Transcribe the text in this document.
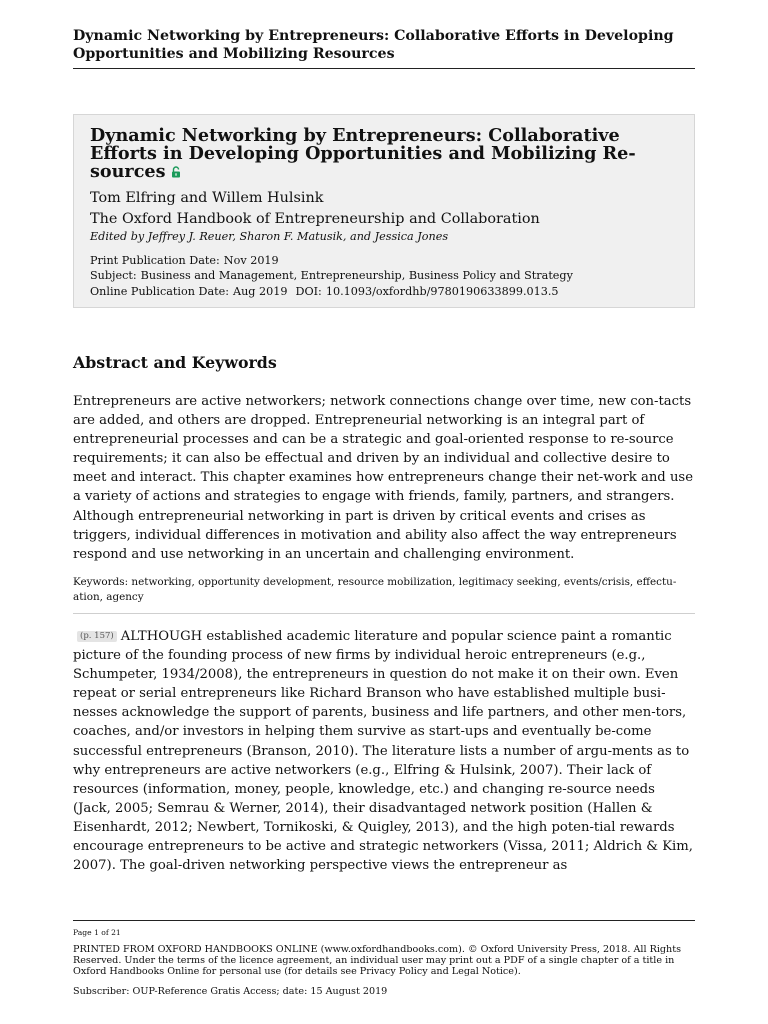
Dynamic Networking by Entrepreneurs: Collaborative Efforts in Developing Opportunities and Mobilizing Resources
Dynamic Networking by Entrepreneurs: Collaborative Efforts in Developing Opportunities and Mobilizing Re-sources
Tom Elfring and Willem Hulsink
The Oxford Handbook of Entrepreneurship and Collaboration
Edited by Jeffrey J. Reuer, Sharon F. Matusik, and Jessica Jones
Print Publication Date: Nov 2019
Subject: Business and Management, Entrepreneurship, Business Policy and Strategy
Online Publication Date: Aug 2019 DOI: 10.1093/oxfordhb/9780190633899.013.5
Abstract and Keywords

Entrepreneurs are active networkers; network connections change over time, new con-tacts are added, and others are dropped. Entrepreneurial networking is an integral part of entrepreneurial processes and can be a strategic and goal-oriented response to re-source requirements; it can also be effectual and driven by an individual and collective desire to meet and interact. This chapter examines how entrepreneurs change their net-work and use a variety of actions and strategies to engage with friends, family, partners, and strangers. Although entrepreneurial networking in part is driven by critical events and crises as triggers, individual differences in motivation and ability also affect the way entrepreneurs respond and use networking in an uncertain and challenging environment.

Keywords: networking, opportunity development, resource mobilization, legitimacy seeking, events/crisis, effectu-ation, agency

(p. 157) ALTHOUGH established academic literature and popular science paint a romantic picture of the founding process of new firms by individual heroic entrepreneurs (e.g., Schumpeter, 1934/2008), the entrepreneurs in question do not make it on their own. Even repeat or serial entrepreneurs like Richard Branson who have established multiple busi-nesses acknowledge the support of parents, business and life partners, and other men-tors, coaches, and/or investors in helping them survive as start-ups and eventually be-come successful entrepreneurs (Branson, 2010). The literature lists a number of argu-ments as to why entrepreneurs are active networkers (e.g., Elfring & Hulsink, 2007). Their lack of resources (information, money, people, knowledge, etc.) and changing re-source needs (Jack, 2005; Semrau & Werner, 2014), their disadvantaged network position (Hallen & Eisenhardt, 2012; Newbert, Tornikoski, & Quigley, 2013), and the high poten-tial rewards encourage entrepreneurs to be active and strategic networkers (Vissa, 2011; Aldrich & Kim, 2007). The goal-driven networking perspective views the entrepreneur as

Page 1 of 21
PRINTED FROM OXFORD HANDBOOKS ONLINE (www.oxfordhandbooks.com). © Oxford University Press, 2018. All Rights Reserved. Under the terms of the licence agreement, an individual user may print out a PDF of a single chapter of a title in Oxford Handbooks Online for personal use (for details see Privacy Policy and Legal Notice).
Subscriber: OUP-Reference Gratis Access; date: 15 August 2019
